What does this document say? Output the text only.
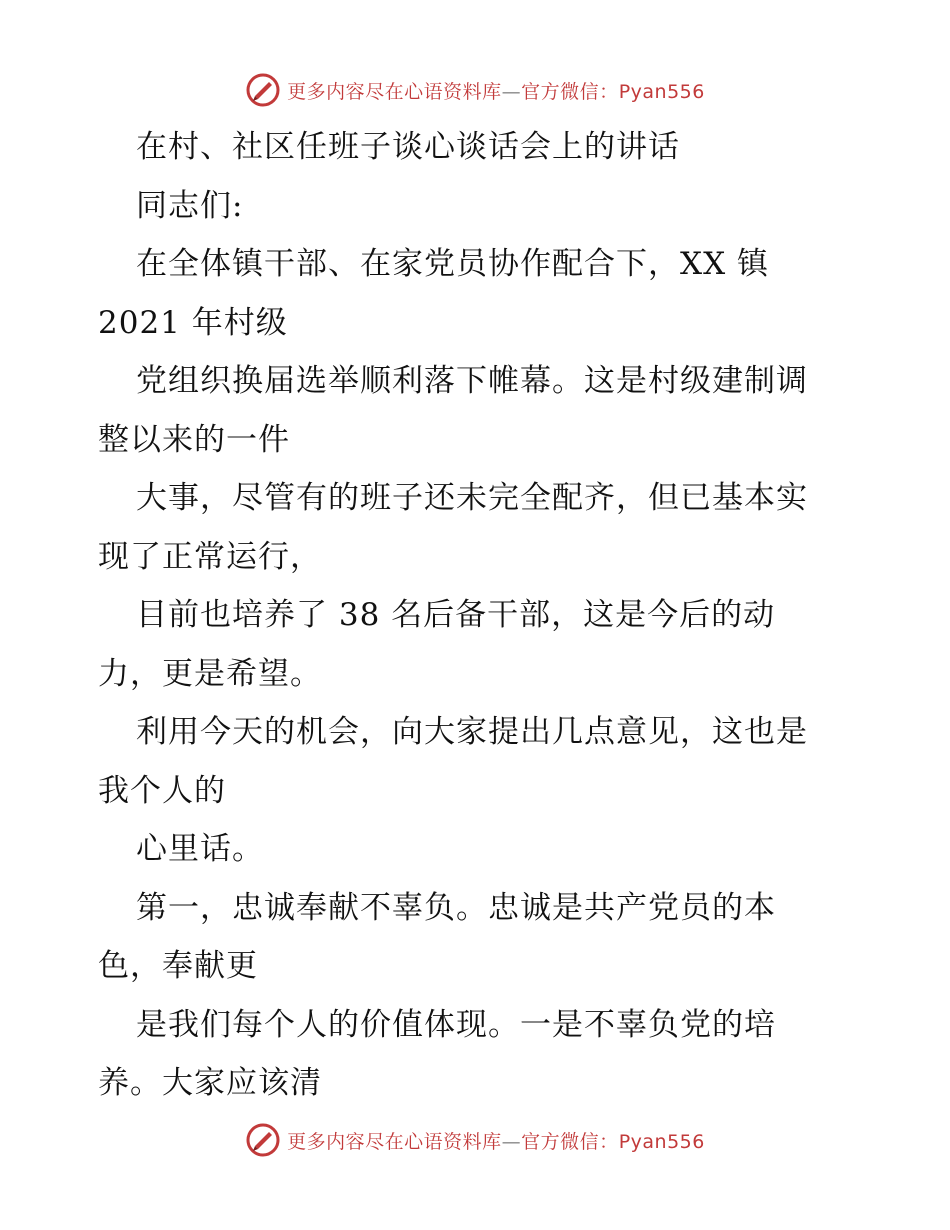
更多内容尽在心语资料库—官方微信：Pyan556
在村、社区任班子谈心谈话会上的讲话
同志们:
在全体镇干部、在家党员协作配合下，XX 镇
2021 年村级
党组织换届选举顺利落下帷幕。这是村级建制调
整以来的一件
大事，尽管有的班子还未完全配齐，但已基本实
现了正常运行，
目前也培养了 38 名后备干部，这是今后的动
力，更是希望。
利用今天的机会，向大家提出几点意见，这也是
我个人的
心里话。
第一，忠诚奉献不辜负。忠诚是共产党员的本
色，奉献更
是我们每个人的价值体现。一是不辜负党的培
养。大家应该清
更多内容尽在心语资料库—官方微信：Pyan556
